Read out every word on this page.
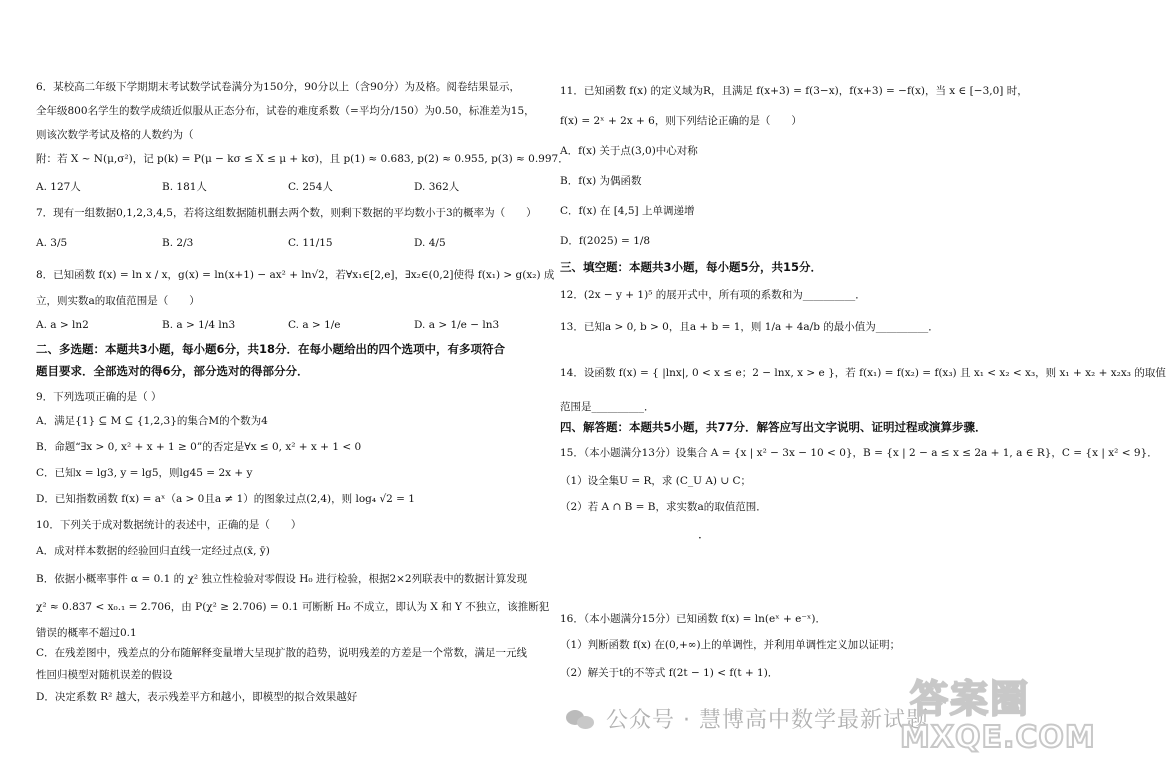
6．某校高二年级下学期期末考试数学试卷满分为150分，90分以上（含90分）为及格。阅卷结果显示，
全年级800名学生的数学成绩近似服从正态分布，试卷的难度系数（=平均分/150）为0.50，标准差为15，
则该次数学考试及格的人数约为（
附：若 X ~ N(μ,σ²)，记 p(k) = P(μ − kσ ≤ X ≤ μ + kσ)，且 p(1) ≈ 0.683, p(2) ≈ 0.955, p(3) ≈ 0.997．
A. 127人	B. 181人	C. 254人	D. 362人
7．现有一组数据0,1,2,3,4,5，若将这组数据随机删去两个数，则剩下数据的平均数小于3的概率为（　　）
A. 3/5	B. 2/3	C. 11/15	D. 4/5
8．已知函数 f(x) = ln x / x，g(x) = ln(x+1) − ax² + ln√2，若∀x₁∈[2,e]，∃x₂∈(0,2]使得 f(x₁) > g(x₂) 成
立，则实数a的取值范围是（　　）
A. a > ln2	B. a > 1/4 ln3	C. a > 1/e	D. a > 1/e − ln3
二、多选题：本题共3小题，每小题6分，共18分．在每小题给出的四个选项中，有多项符合
题目要求．全部选对的得6分，部分选对的得部分分．
9．下列选项正确的是（ ）
A．满足{1} ⊆ M ⊆ {1,2,3}的集合M的个数为4
B．命题“∃x > 0, x² + x + 1 ≥ 0”的否定是∀x ≤ 0, x² + x + 1 < 0
C．已知x = lg3, y = lg5，则lg45 = 2x + y
D．已知指数函数 f(x) = aˣ（a > 0且a ≠ 1）的图象过点(2,4)，则 log₄ √2 = 1
10．下列关于成对数据统计的表述中，正确的是（　　）
A．成对样本数据的经验回归直线一定经过点(x̄, ȳ)
B．依据小概率事件 α = 0.1 的 χ² 独立性检验对零假设 H₀ 进行检验，根据2×2列联表中的数据计算发现
χ² ≈ 0.837 < x₀.₁ = 2.706，由 P(χ² ≥ 2.706) = 0.1 可断断 H₀ 不成立，即认为 X 和 Y 不独立，该推断犯
错误的概率不超过0.1
C．在残差图中，残差点的分布随解释变量增大呈现扩散的趋势，说明残差的方差是一个常数，满足一元线
性回归模型对随机误差的假设
D．决定系数 R² 越大，表示残差平方和越小，即模型的拟合效果越好
11．已知函数 f(x) 的定义域为R，且满足 f(x+3) = f(3−x)，f(x+3) = −f(x)，当 x ∈ [−3,0] 时，
f(x) = 2ˣ + 2x + 6，则下列结论正确的是（　　）
A．f(x) 关于点(3,0)中心对称
B．f(x) 为偶函数
C．f(x) 在 [4,5] 上单调递增
D．f(2025) = 1/8
三、填空题：本题共3小题，每小题5分，共15分．
12．(2x − y + 1)⁵ 的展开式中，所有项的系数和为__________．
13．已知a > 0, b > 0，且a + b = 1，则 1/a + 4a/b 的最小值为__________．
14．设函数 f(x) = { |lnx|, 0 < x ≤ e；2 − lnx, x > e }，若 f(x₁) = f(x₂) = f(x₃) 且 x₁ < x₂ < x₃，则 x₁ + x₂ + x₂x₃ 的取值
范围是__________．
四、解答题：本题共5小题，共77分．解答应写出文字说明、证明过程或演算步骤．
15．（本小题满分13分）设集合 A = {x | x² − 3x − 10 < 0}，B = {x | 2 − a ≤ x ≤ 2a + 1, a ∈ R}，C = {x | x² < 9}．
（1）设全集U = R，求 (C_U A) ∪ C；
（2）若 A ∩ B = B，求实数a的取值范围．
16．（本小题满分15分）已知函数 f(x) = ln(eˣ + e⁻ˣ)．
（1）判断函数 f(x) 在(0,+∞)上的单调性，并利用单调性定义加以证明；
（2）解关于t的不等式 f(2t − 1) < f(t + 1)．
·
公众号 · 慧博高中数学最新试题
答案圈
MXQE.COM
